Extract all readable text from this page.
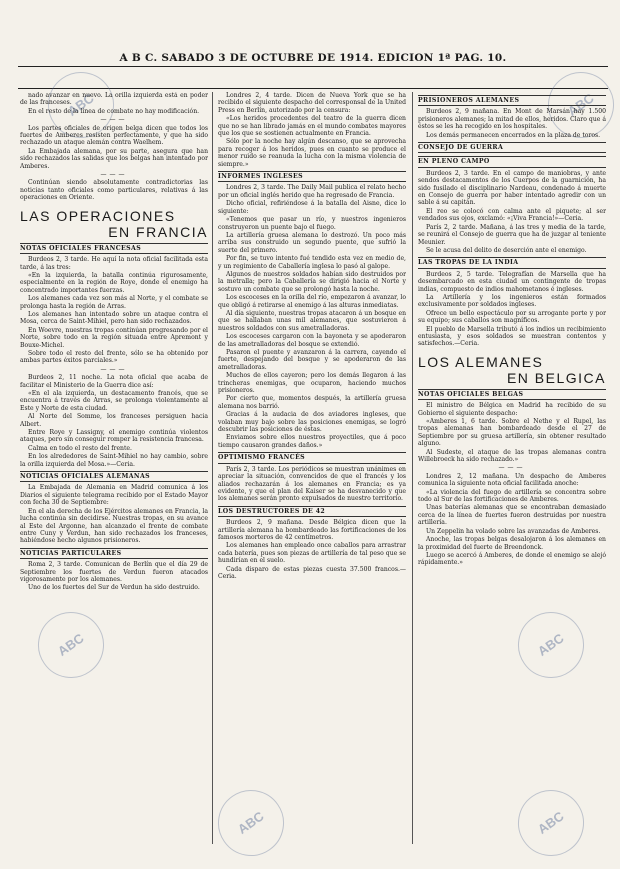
A B C. SABADO 3 DE OCTUBRE DE 1914. EDICION 1ª PAG. 10.
ABC	ABC
ABC	ABC
ABC	ABC

nado avanzar en nuevo. La orilla izquierda está en poder de las franceses.

En el resto de la línea de combate no hay modificación.

———

Los partes oficiales de origen belga dicen que todos los fuertes de Amberes resisten perfectamente, y que ha sido rechazado un ataque alemán contra Waelhem.

La Embajada alemana, por su parte, asegura que han sido rechazados las salidas que los belgas han intentado por Amberes.

———

Continúan siendo absolutamente contradictorias las noticias tanto oficiales como particulares, relativas á las operaciones en Oriente.

LAS OPERACIONES
EN FRANCIA
NOTAS OFICIALES FRANCESAS

Burdeos 2, 3 tarde. He aquí la nota oficial facilitada esta tarde, á las tres:

«En la izquierda, la batalla continúa rigurosamente, especialmente en la región de Roye, donde el enemigo ha concentrado importantes fuerzas.

Los alemanes cada vez son más al Norte, y el combate se prolonga hasta la región de Arras.

Los alemanes han intentado sobre un ataque contra el Mosa, cerca de Saint-Mihiel, pero han sido rechazados.

En Woevre, nuestras tropas continúan progresando por el Norte, sobre todo en la región situada entre Apremont y Bouxe-Michel.

Sobre todo el resto del frente, sólo se ha obtenido por ambas partes éxitos parciales.»

———

Burdeos 2, 11 noche. La nota oficial que acaba de facilitar el Ministerio de la Guerra dice así:

«En el ala izquierda, un destacamento francés, que se encuentra á través de Arras, se prolonga violentamente al Este y Norte de esta ciudad.

Al Norte del Somme, los franceses persiguen hacia Albert.

Entre Roye y Lassigny, el enemigo continúa violentos ataques, pero sin conseguir romper la resistencia francesa.

Calma en todo el resto del frente.

En los alrededores de Saint-Mihiel no hay cambio, sobre la orilla izquierda del Mosa.»—Ceria.

NOTICIAS OFICIALES ALEMANAS

La Embajada de Alemania en Madrid comunica á los Diarios el siguiente telegrama recibido por el Estado Mayor con fecha 30 de Septiembre:

En el ala derecha de los Ejércitos alemanes en Francia, la lucha continúa sin decidirse. Nuestras tropas, en su avance al Este del Argonne, han alcanzado el frente de combate entre Cuny y Verdun, han sido rechazados los franceses, habiéndose hecho algunos prisioneros.

NOTICIAS PARTICULARES

Roma 2, 3 tarde. Comunican de Berlín que el día 29 de Septiembre los fuertes de Verdun fueron atacados vigorosamente por los alemanes.

Uno de los fuertes del Sur de Verdun ha sido destruido.

Londres 2, 4 tarde. Dicen de Nueva York que se ha recibido el siguiente despacho del corresponsal de la United Press en Berlín, autorizado por la censura:

«Los heridos procedentes del teatro de la guerra dicen que no se han librado jamás en el mundo combates mayores que los que se sostienen actualmente en Francia.

Sólo por la noche hay algún descanso, que se aprovecha para recoger á los heridos, pues en cuanto se produce el menor ruido se reanuda la lucha con la misma violencia de siempre.»

INFORMES INGLESES

Londres 2, 3 tarde. The Daily Mail publica el relato hecho por un oficial inglés herido que ha regresado de Francia.

Dicho oficial, refiriéndose á la batalla del Aisne, dice lo siguiente:

«Tenemos que pasar un río, y nuestros ingenieros construyeron un puente bajo el fuego.

La artillería gruesa alemana lo destrozó. Un poco más arriba sus construido un segundo puente, que sufrió la suerte del primero.

Por fin, se tuvo intento fué tendido esta vez en medio de, y un regimiento de Caballería inglesa lo pasó al galope.

Algunos de nuestros soldados habían sido destruidos por la metralla; pero la Caballería se dirigió hacia el Norte y sostuvo un combate que se prolongó hasta la noche.

Los escoceses en la orilla del río, empezaron á avanzar, lo que obligó á retirarse al enemigo á las alturas inmediatas.

Al día siguiente, nuestras tropas atacaron á un bosque en que se hallaban unas mil alemanes, que sostuvieron á nuestros soldados con sus ametralladoras.

Los escoceses cargaron con la bayoneta y se apoderaron de las ametralladoras del bosque se extendió.

Pasaron el puente y avanzaron á la carrera, cayendo el fuerte, despejando del bosque y se apoderaron de las ametralladoras.

Muchos de ellos cayeron; pero los demás llegaron á las trincheras enemigas, que ocuparon, haciendo muchos prisioneros.

Por cierto que, momentos después, la artillería gruesa alemana nos barrió.

Gracias á la audacia de dos aviadores ingleses, que volaban muy bajo sobre las posiciones enemigas, se logró descubrir las posiciones de éstas.

Enviamos sobre ellos nuestros proyectiles, que á poco tiempo causaron grandes daños.»

OPTIMISMO FRANCÉS

París 2, 3 tarde. Los periódicos se muestran unánimes en apreciar la situación, convencidos de que el francés y los aliados rechazarán á los alemanes en Francia; es ya evidente, y que el plan del Kaiser se ha desvanecido y que los alemanes serán pronto expulsados de nuestro territorio.

LOS DESTRUCTORES DE 42

Burdeos 2, 9 mañana. Desde Bélgica dicen que la artillería alemana ha bombardeado las fortificaciones de los famosos morteros de 42 centímetros.

Los alemanes han empleado once caballos para arrastrar cada batería, pues son piezas de artillería de tal peso que se hundirían en el suelo.

Cada disparo de estas piezas cuesta 37.500 francos.—Ceria.

PRISIONEROS ALEMANES

Burdeos 2, 9 mañana. En Mont de Marsán hay 1.500 prisioneros alemanes; la mitad de ellos, heridos. Claro que á éstos se les ha recogido en los hospitales.

Los demás permanecen encerrados en la plaza de toros.

CONSEJO DE GUERRA
EN PLENO CAMPO

Burdeos 2, 3 tarde. En el campo de maniobras, y ante sendos destacamentos de los Cuerpos de la guarnición, ha sido fusilado el disciplinario Nardeau, condenado á muerte en Consejo de guerra por haber intentado agredir con un sable á su capitán.

El reo se colocó con calma ante el piquete; al ser vendados sus ojos, exclamó: «¡Viva Francia!»—Ceria.

París 2, 2 tarde. Mañana, á las tres y media de la tarde, se reunirá el Consejo de guerra que ha de juzgar al teniente Meunier.

Se le acusa del delito de deserción ante el enemigo.

LAS TROPAS DE LA INDIA

Burdeos 2, 5 tarde. Telegrafían de Marsella que ha desembarcado en esta ciudad un contingente de tropas indias, compuesto de indios mahometanos é ingleses.

La Artillería y los ingenieros están formados exclusivamente por soldados ingleses.

Ofrece un bello espectáculo por su arrogante porte y por su equipo; sus caballos son magníficos.

El pueblo de Marsella tributó á los indios un recibimiento entusiasta, y esos soldados se muestran contentos y satisfechos.—Ceria.

LOS ALEMANES
EN BELGICA
NOTAS OFICIALES BELGAS

El ministro de Bélgica en Madrid ha recibido de su Gobierno el siguiente despacho:

«Amberes 1, 6 tarde. Sobre el Nethe y el Rupel, las tropas alemanas han bombardeado desde el 27 de Septiembre por su gruesa artillería, sin obtener resultado alguno.

Al Sudeste, el ataque de las tropas alemanas contra Willebroeck ha sido rechazado.»

———

Londres 2, 12 mañana. Un despacho de Amberes comunica la siguiente nota oficial facilitada anoche:

«La violencia del fuego de artillería se concentra sobre todo al Sur de las fortificaciones de Amberes.

Unas baterías alemanas que se encontraban demasiado cerca de la línea de fuertes fueron destruidas por nuestra artillería.

Un Zeppelin ha volado sobre las avanzadas de Amberes.

Anoche, las tropas belgas desalojaron á los alemanes en la proximidad del fuerte de Breendonck.

Luego se acercó á Amberes, de donde el enemigo se alejó rápidamente.»
